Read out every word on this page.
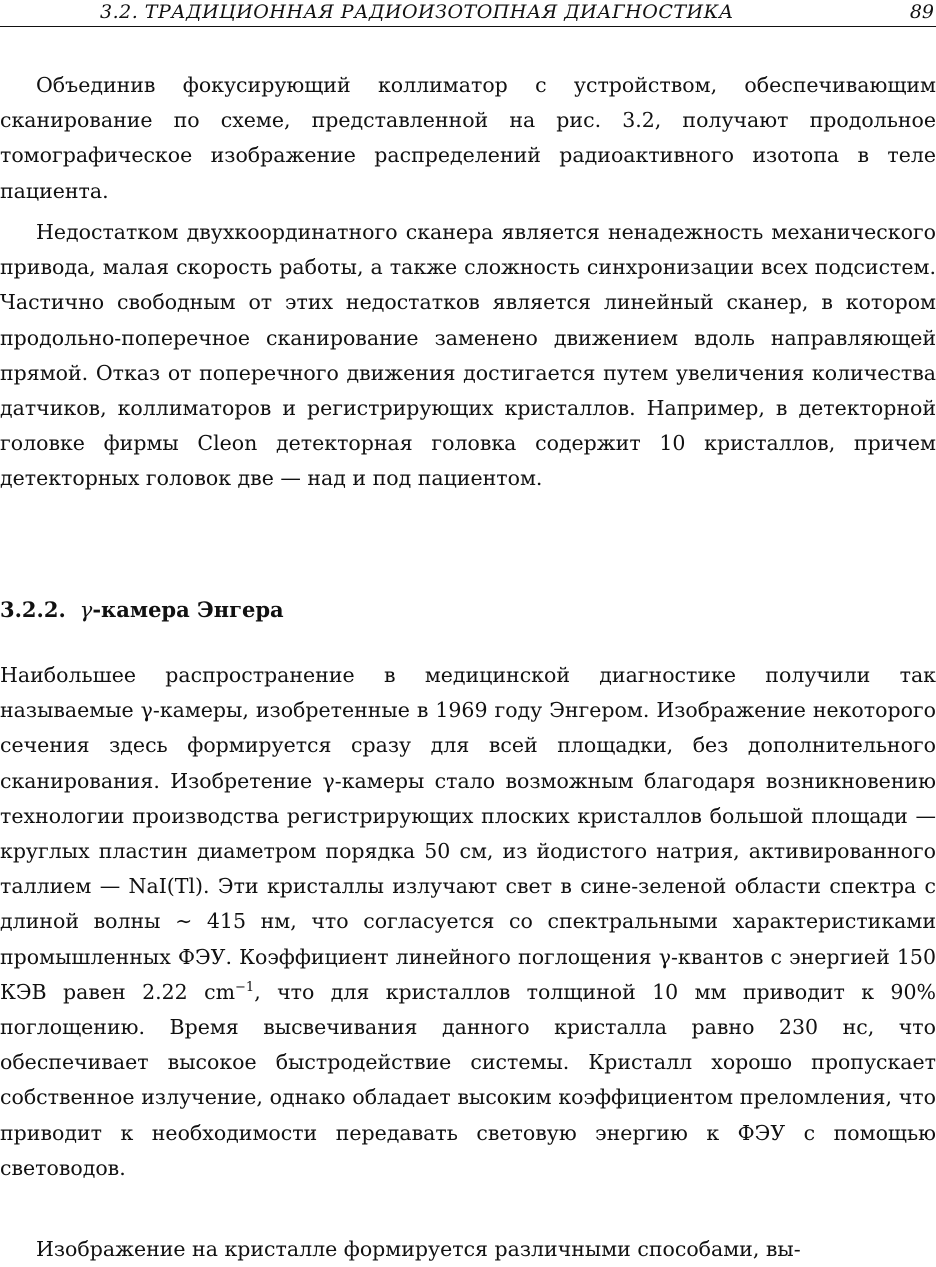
3.2. ТРАДИЦИОННАЯ РАДИОИЗОТОПНАЯ ДИАГНОСТИКА	89

Объединив фокусирующий коллиматор с устройством, обеспечивающим сканирование по схеме, представленной на рис. 3.2, получают продольное томографическое изображение распределений радиоактивного изотопа в теле пациента.

Недостатком двухкоординатного сканера является ненадежность механического привода, малая скорость работы, а также сложность синхронизации всех подсистем. Частично свободным от этих недостатков является линейный сканер, в котором продольно-поперечное сканирование заменено движением вдоль направляющей прямой. Отказ от поперечного движения достигается путем увеличения количества датчиков, коллиматоров и регистрирующих кристаллов. Например, в детекторной головке фирмы Cleon детекторная головка содержит 10 кристаллов, причем детекторных головок две — над и под пациентом.

3.2.2. γ-камера Энгера

Наибольшее распространение в медицинской диагностике получили так называемые γ-камеры, изобретенные в 1969 году Энгером. Изображение некоторого сечения здесь формируется сразу для всей площадки, без дополнительного сканирования. Изобретение γ-камеры стало возможным благодаря возникновению технологии производства регистрирующих плоских кристаллов большой площади — круглых пластин диаметром порядка 50 см, из йодистого натрия, активированного таллием — NaI(Tl). Эти кристаллы излучают свет в сине-зеленой области спектра с длиной волны ∼ 415 нм, что согласуется со спектральными характеристиками промышленных ФЭУ. Коэффициент линейного поглощения γ-квантов с энергией 150 КЭВ равен 2.22 $cm^{-1}$, что для кристаллов толщиной 10 мм приводит к 90% поглощению. Время высвечивания данного кристалла равно 230 нс, что обеспечивает высокое быстродействие системы. Кристалл хорошо пропускает собственное излучение, однако обладает высоким коэффициентом преломления, что приводит к необходимости передавать световую энергию к ФЭУ с помощью световодов.

Изображение на кристалле формируется различными способами, вы-
